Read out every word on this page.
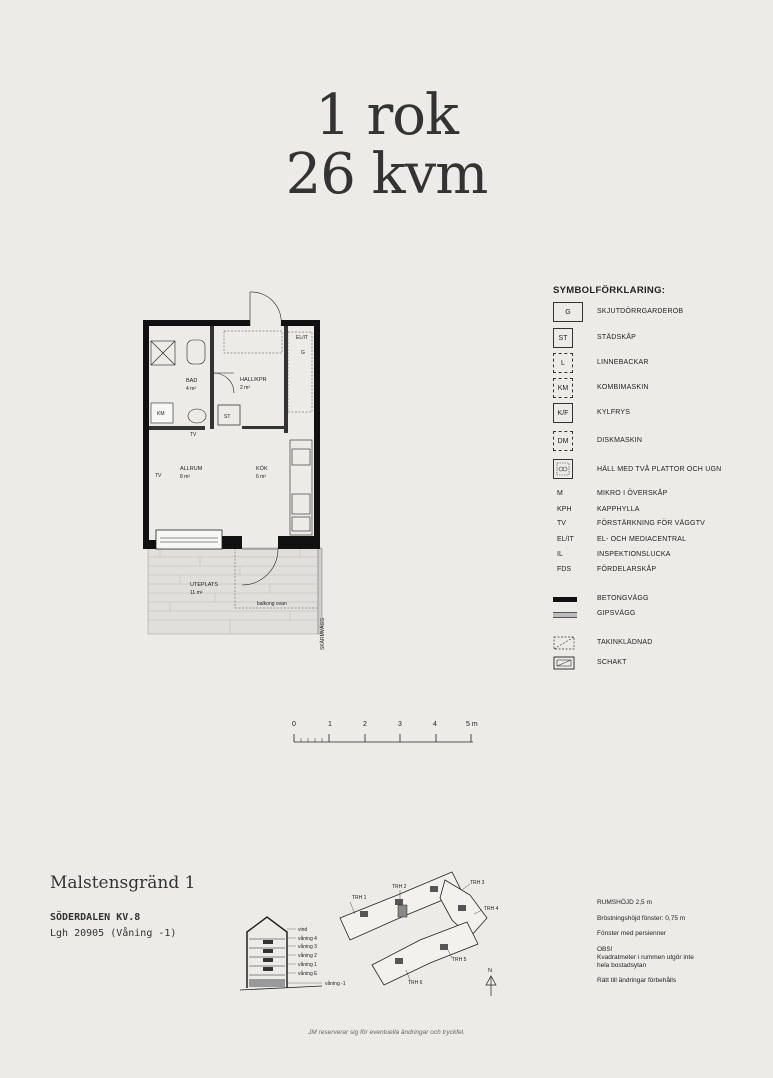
1 rok
26 kvm
BAD
4 m²
HALL/KPR
2 m²
ALLRUM
8 m²
KÖK
6 m²
UTEPLATS
11 m²
TV
TV
ST
KM
G
EL/IT
balkong ovan
SKÄRMVÄGG
SYMBOLFÖRKLARING:
G	SKJUTDÖRRGARDEROB
ST	STÄDSKÅP
L	LINNEBACKAR
KM	KOMBIMASKIN
K/F	KYLFRYS
DM	DISKMASKIN
HÄLL MED TVÅ PLATTOR OCH UGN
M	MIKRO I ÖVERSKÅP
KPH	KAPPHYLLA
TV	FÖRSTÄRKNING FÖR VÄGGTV
EL/IT	EL- OCH MEDIACENTRAL
IL	INSPEKTIONSLUCKA
FDS	FÖRDELARSKÅP
BETONGVÄGG
GIPSVÄGG
TAKINKLÄDNAD
SCHAKT
0	1	2	3	4	5 m
Malstensgränd 1
SÖDERDALEN KV.8
Lgh 20905 (Våning -1)	vind
våning 4
våning 3
våning 2
våning 1
våning E
våning -1
TRH 1
TRH 2
TRH 3
TRH 4
TRH 5
TRH 6
N
RUMSHÖJD 2,5 m
Bröstningshöjd fönster: 0,75 m
Fönster med persienner
OBS!
Kvadratmeter i rummen utgör inte
hela bostadsytan
Rätt till ändringar förbehålls
JM reserverar sig för eventuella ändringar och tryckfel.
